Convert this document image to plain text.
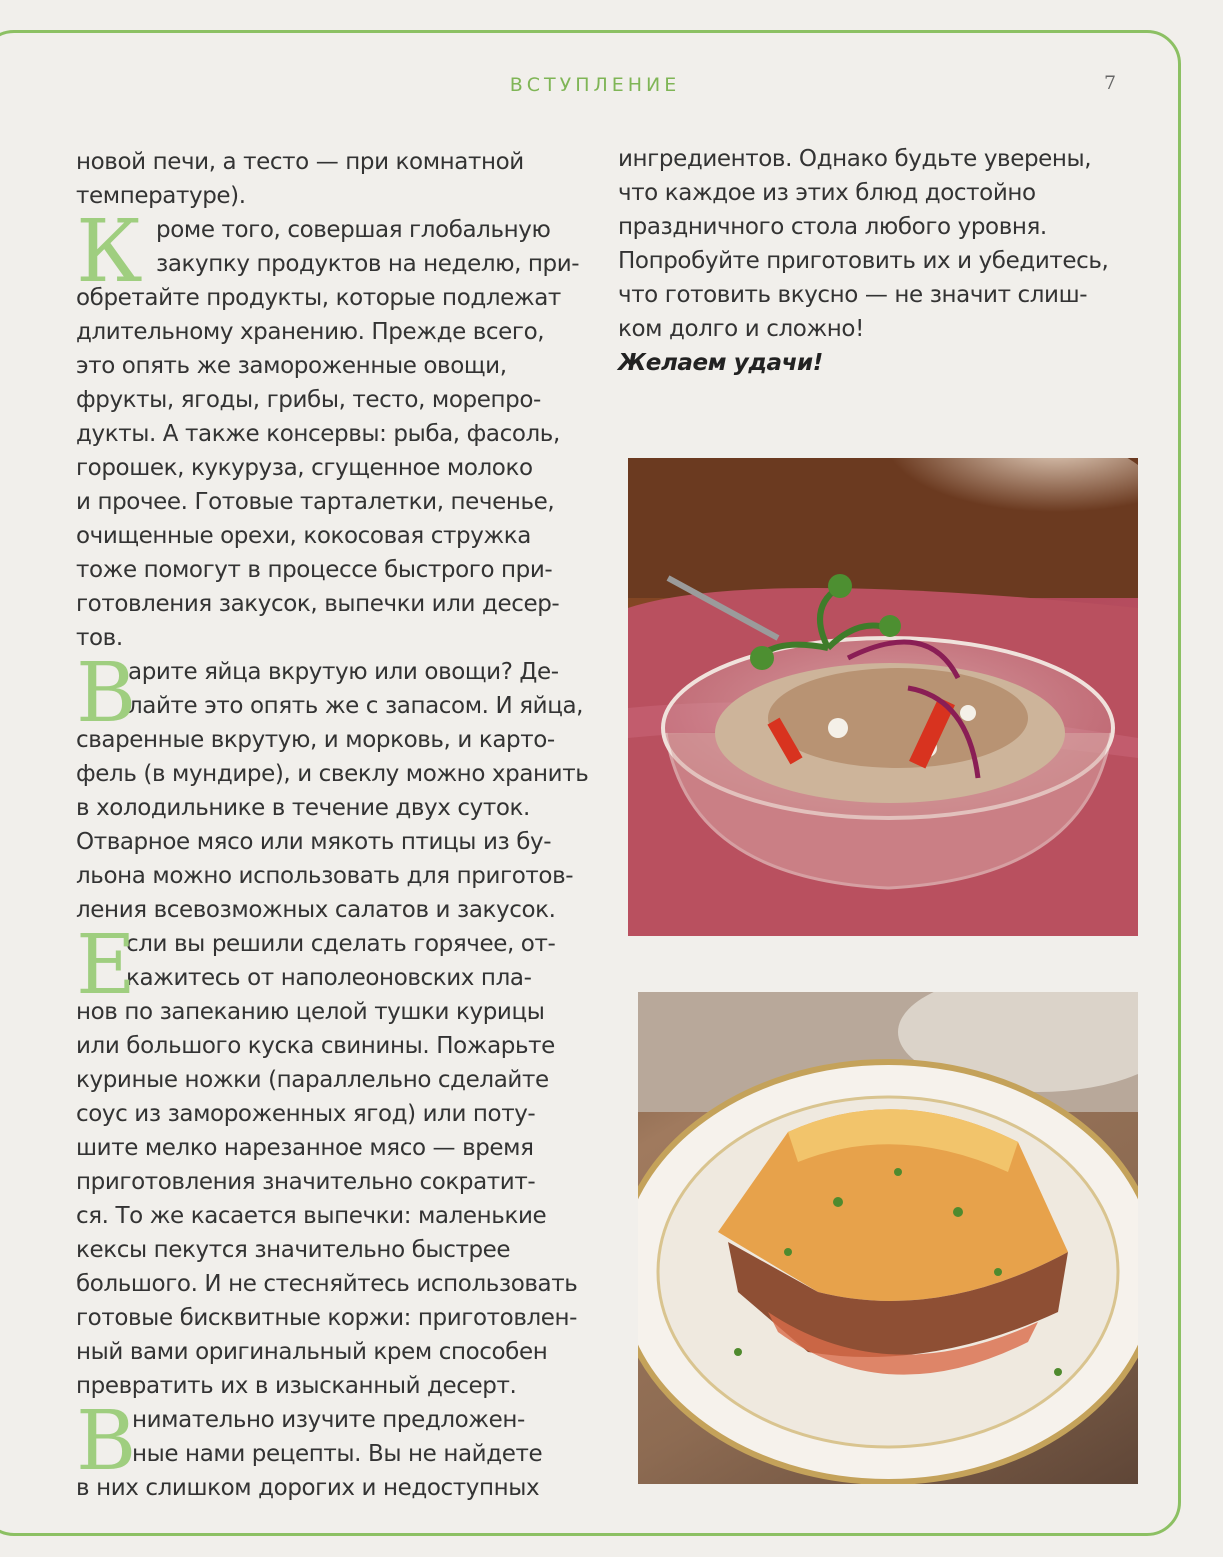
ВСТУПЛЕНИЕ	7
новой печи, а тесто — при комнатной
температуре).
К роме того, совершая глобальную
закупку продуктов на неделю, при-
обретайте продукты, которые подлежат
длительному хранению. Прежде всего,
это опять же замороженные овощи,
фрукты, ягоды, грибы, тесто, морепро-
дукты. А также консервы: рыба, фасоль,
горошек, кукуруза, сгущенное молоко
и прочее. Готовые тарталетки, печенье,
очищенные орехи, кокосовая стружка
тоже помогут в процессе быстрого при-
готовления закусок, выпечки или десер-
тов.
В
арите яйца вкрутую или овощи? Де-
лайте это опять же с запасом. И яйца,
сваренные вкрутую, и морковь, и карто-
фель (в мундире), и свеклу можно хранить
в холодильнике в течение двух суток.
Отварное мясо или мякоть птицы из бу-
льона можно использовать для приготов-
ления всевозможных салатов и закусок.
Е
сли вы решили сделать горячее, от-
кажитесь от наполеоновских пла-
нов по запеканию целой тушки курицы
или большого куска свинины. Пожарьте
куриные ножки (параллельно сделайте
соус из замороженных ягод) или поту-
шите мелко нарезанное мясо — время
приготовления значительно сократит-
ся. То же касается выпечки: маленькие
кексы пекутся значительно быстрее
большого. И не стесняйтесь использовать
готовые бисквитные коржи: приготовлен-
ный вами оригинальный крем способен
превратить их в изысканный десерт.
В
нимательно изучите предложен-
ные нами рецепты. Вы не найдете
в них слишком дорогих и недоступных
ингредиентов. Однако будьте уверены,
что каждое из этих блюд достойно
праздничного стола любого уровня.
Попробуйте приготовить их и убедитесь,
что готовить вкусно — не значит слиш-
ком долго и сложно!
Желаем удачи!
